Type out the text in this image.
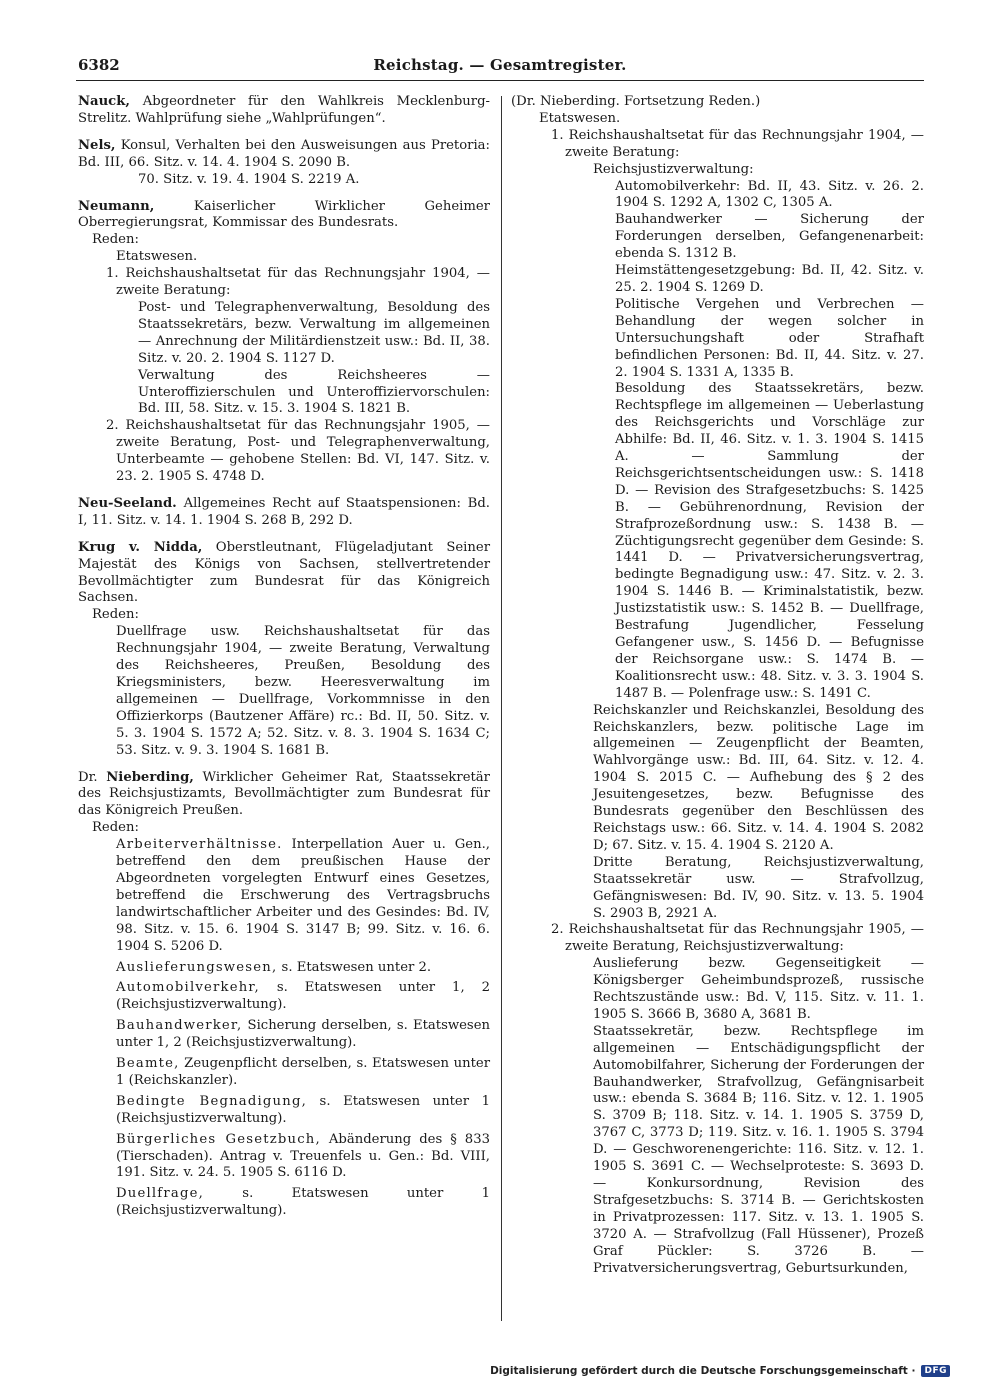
6382	Reichstag. — Gesamtregister.

Nauck, Abgeordneter für den Wahlkreis Mecklenburg-Strelitz. Wahlprüfung siehe „Wahlprüfungen“.

Nels, Konsul, Verhalten bei den Ausweisungen aus Pretoria: Bd. III, 66. Sitz. v. 14. 4. 1904 S. 2090 B.

70. Sitz. v. 19. 4. 1904 S. 2219 A.

Neumann,	Kaiserlicher Wirklicher Geheimer Oberregierungsrat, Kommissar des Bundesrats.

Reden:

Etatswesen.

1. Reichshaushaltsetat für das Rechnungsjahr 1904, — zweite Beratung:

Post- und Telegraphenverwaltung, Besoldung des Staatssekretärs, bezw. Verwaltung im allgemeinen — Anrechnung der Militärdienstzeit usw.: Bd. II, 38. Sitz. v. 20. 2. 1904 S. 1127 D.

Verwaltung des Reichsheeres — Unteroffizierschulen und Unteroffiziervorschulen: Bd. III, 58. Sitz. v. 15. 3. 1904 S. 1821 B.

2. Reichshaushaltsetat für das Rechnungsjahr 1905, — zweite Beratung, Post- und Telegraphenverwaltung, Unterbeamte — gehobene Stellen: Bd. VI, 147. Sitz. v. 23. 2. 1905 S. 4748 D.

Neu-Seeland. Allgemeines Recht auf Staatspensionen: Bd. I, 11. Sitz. v. 14. 1. 1904 S. 268 B, 292 D.

Krug v. Nidda, Oberstleutnant, Flügeladjutant Seiner Majestät des Königs von Sachsen, stellvertretender Bevollmächtigter zum Bundesrat für das Königreich Sachsen.

Reden:

Duellfrage usw. Reichshaushaltsetat für das Rechnungsjahr 1904, — zweite Beratung, Verwaltung des Reichsheeres, Preußen, Besoldung des Kriegsministers, bezw. Heeresverwaltung im allgemeinen — Duellfrage, Vorkommnisse in den Offizierkorps (Bautzener Affäre) rc.: Bd. II, 50. Sitz. v. 5. 3. 1904 S. 1572 A; 52. Sitz. v. 8. 3. 1904 S. 1634 C; 53. Sitz. v. 9. 3. 1904 S. 1681 B.

Dr. Nieberding, Wirklicher Geheimer Rat, Staatssekretär des Reichsjustizamts, Bevollmächtigter zum Bundesrat für das Königreich Preußen.

Reden:

Arbeiterverhältnisse. Interpellation Auer u. Gen., betreffend den dem preußischen Hause der Abgeordneten vorgelegten Entwurf eines Gesetzes, betreffend die Erschwerung des Vertragsbruchs landwirtschaftlicher Arbeiter und des Gesindes: Bd. IV, 98. Sitz. v. 15. 6. 1904 S. 3147 B; 99. Sitz. v. 16. 6. 1904 S. 5206 D.

Auslieferungswesen, s. Etatswesen unter 2.

Automobilverkehr, s. Etatswesen unter 1, 2 (Reichsjustizverwaltung).

Bauhandwerker, Sicherung derselben, s. Etatswesen unter 1, 2 (Reichsjustizverwaltung).

Beamte, Zeugenpflicht derselben, s. Etatswesen unter 1 (Reichskanzler).

Bedingte Begnadigung, s. Etatswesen unter 1 (Reichsjustizverwaltung).

Bürgerliches Gesetzbuch, Abänderung des § 833 (Tierschaden). Antrag v. Treuenfels u. Gen.: Bd. VIII, 191. Sitz. v. 24. 5. 1905 S. 6116 D.

Duellfrage, s. Etatswesen unter 1 (Reichsjustizverwaltung).

(Dr. Nieberding. Fortsetzung Reden.)

Etatswesen.

1. Reichshaushaltsetat für das Rechnungsjahr 1904, — zweite Beratung:

Reichsjustizverwaltung:

Automobilverkehr: Bd. II, 43. Sitz. v. 26. 2. 1904 S. 1292 A, 1302 C, 1305 A.

Bauhandwerker — Sicherung der Forderungen derselben, Gefangenenarbeit: ebenda S. 1312 B.

Heimstättengesetzgebung: Bd. II, 42. Sitz. v. 25. 2. 1904 S. 1269 D.

Politische Vergehen und Verbrechen — Behandlung der wegen solcher in Untersuchungshaft oder Strafhaft befindlichen Personen: Bd. II, 44. Sitz. v. 27. 2. 1904 S. 1331 A, 1335 B.

Besoldung des Staatssekretärs, bezw. Rechtspflege im allgemeinen — Ueberlastung des Reichsgerichts und Vorschläge zur Abhilfe: Bd. II, 46. Sitz. v. 1. 3. 1904 S. 1415 A. — Sammlung der Reichsgerichtsentscheidungen usw.: S. 1418 D. — Revision des Strafgesetzbuchs: S. 1425 B. — Gebührenordnung, Revision der Strafprozeßordnung usw.: S. 1438 B. — Züchtigungsrecht gegenüber dem Gesinde: S. 1441 D. — Privatversicherungsvertrag, bedingte Begnadigung usw.: 47. Sitz. v. 2. 3. 1904 S. 1446 B. — Kriminalstatistik, bezw. Justizstatistik usw.: S. 1452 B. — Duellfrage, Bestrafung Jugendlicher, Fesselung Gefangener usw., S. 1456 D. — Befugnisse der Reichsorgane usw.: S. 1474 B. — Koalitionsrecht usw.: 48. Sitz. v. 3. 3. 1904 S. 1487 B. — Polenfrage usw.: S. 1491 C.

Reichskanzler und Reichskanzlei, Besoldung des Reichskanzlers, bezw. politische Lage im allgemeinen — Zeugenpflicht der Beamten, Wahlvorgänge usw.: Bd. III, 64. Sitz. v. 12. 4. 1904 S. 2015 C. — Aufhebung des § 2 des Jesuitengesetzes, bezw. Befugnisse des Bundesrats gegenüber den Beschlüssen des Reichstags usw.: 66. Sitz. v. 14. 4. 1904 S. 2082 D; 67. Sitz. v. 15. 4. 1904 S. 2120 A.

Dritte Beratung, Reichsjustizverwaltung, Staatssekretär usw. — Strafvollzug, Gefängniswesen: Bd. IV, 90. Sitz. v. 13. 5. 1904 S. 2903 B, 2921 A.

2. Reichshaushaltsetat für das Rechnungsjahr 1905, — zweite Beratung, Reichsjustizverwaltung:

Auslieferung bezw. Gegenseitigkeit — Königsberger Geheimbundsprozeß, russische Rechtszustände usw.: Bd. V, 115. Sitz. v. 11. 1. 1905 S. 3666 B, 3680 A, 3681 B.

Staatssekretär, bezw. Rechtspflege im allgemeinen — Entschädigungspflicht der Automobilfahrer, Sicherung der Forderungen der Bauhandwerker, Strafvollzug, Gefängnisarbeit usw.: ebenda S. 3684 B; 116. Sitz. v. 12. 1. 1905 S. 3709 B; 118. Sitz. v. 14. 1. 1905 S. 3759 D, 3767 C, 3773 D; 119. Sitz. v. 16. 1. 1905 S. 3794 D. — Geschworenengerichte: 116. Sitz. v. 12. 1. 1905 S. 3691 C. — Wechselproteste: S. 3693 D. — Konkursordnung, Revision des Strafgesetzbuchs: S. 3714 B. — Gerichtskosten in Privatprozessen: 117. Sitz. v. 13. 1. 1905 S. 3720 A. — Strafvollzug (Fall Hüssener), Prozeß Graf Pückler: S. 3726 B. — Privatversicherungsvertrag, Geburtsurkunden,

Digitalisierung gefördert durch die Deutsche Forschungsgemeinschaft ·	DFG
